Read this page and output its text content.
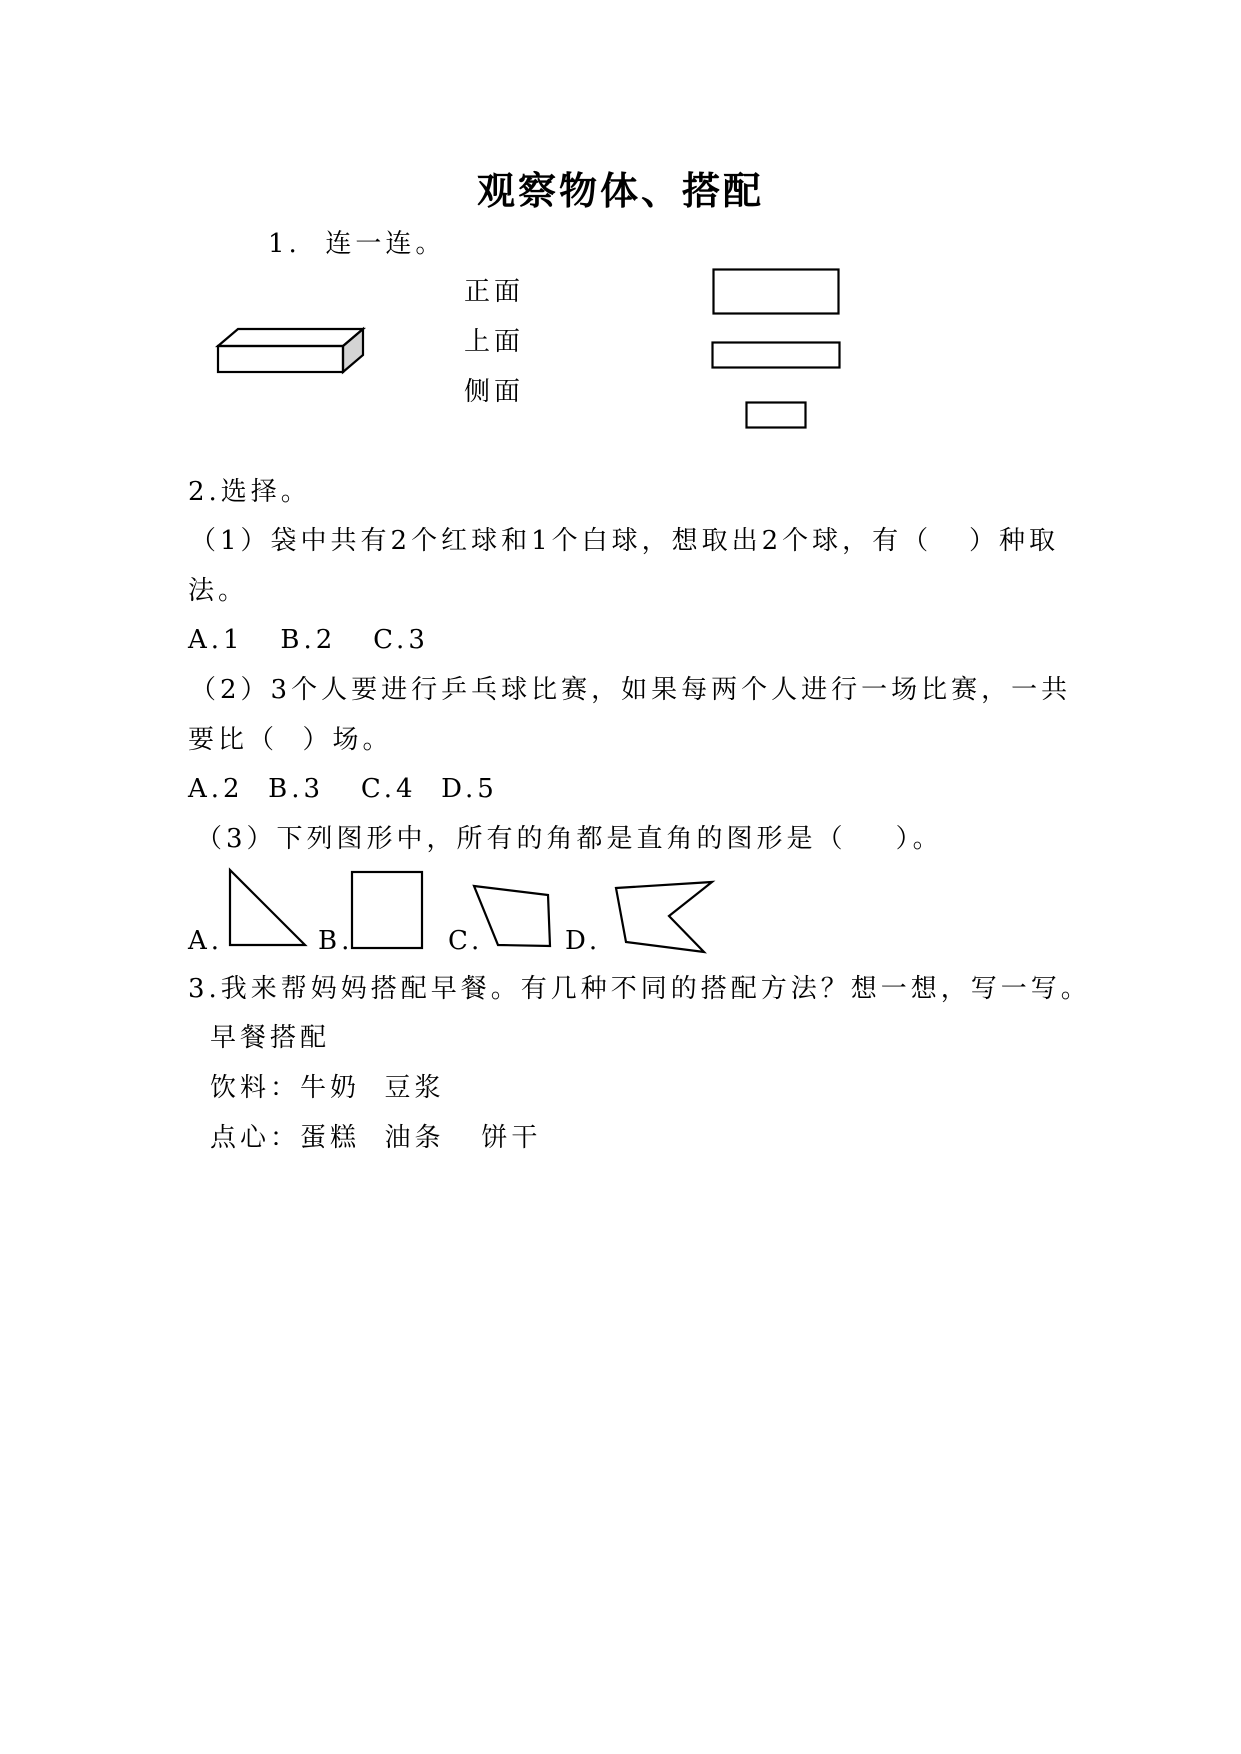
观察物体、搭配
1.  连一连。
正面
上面
侧面
2.选择。
（1）袋中共有2个红球和1个白球，想取出2个球，有（   ）种取
法。
A.1   B.2   C.3
（2）3个人要进行乒乓球比赛，如果每两个人进行一场比赛，一共
要比（  ）场。
A.2  B.3   C.4  D.5
（3）下列图形中，所有的角都是直角的图形是（    ）。
A.	B.	C.	D.
3.我来帮妈妈搭配早餐。有几种不同的搭配方法？想一想，写一写。
早餐搭配
饮料：牛奶  豆浆
点心：蛋糕  油条   饼干
